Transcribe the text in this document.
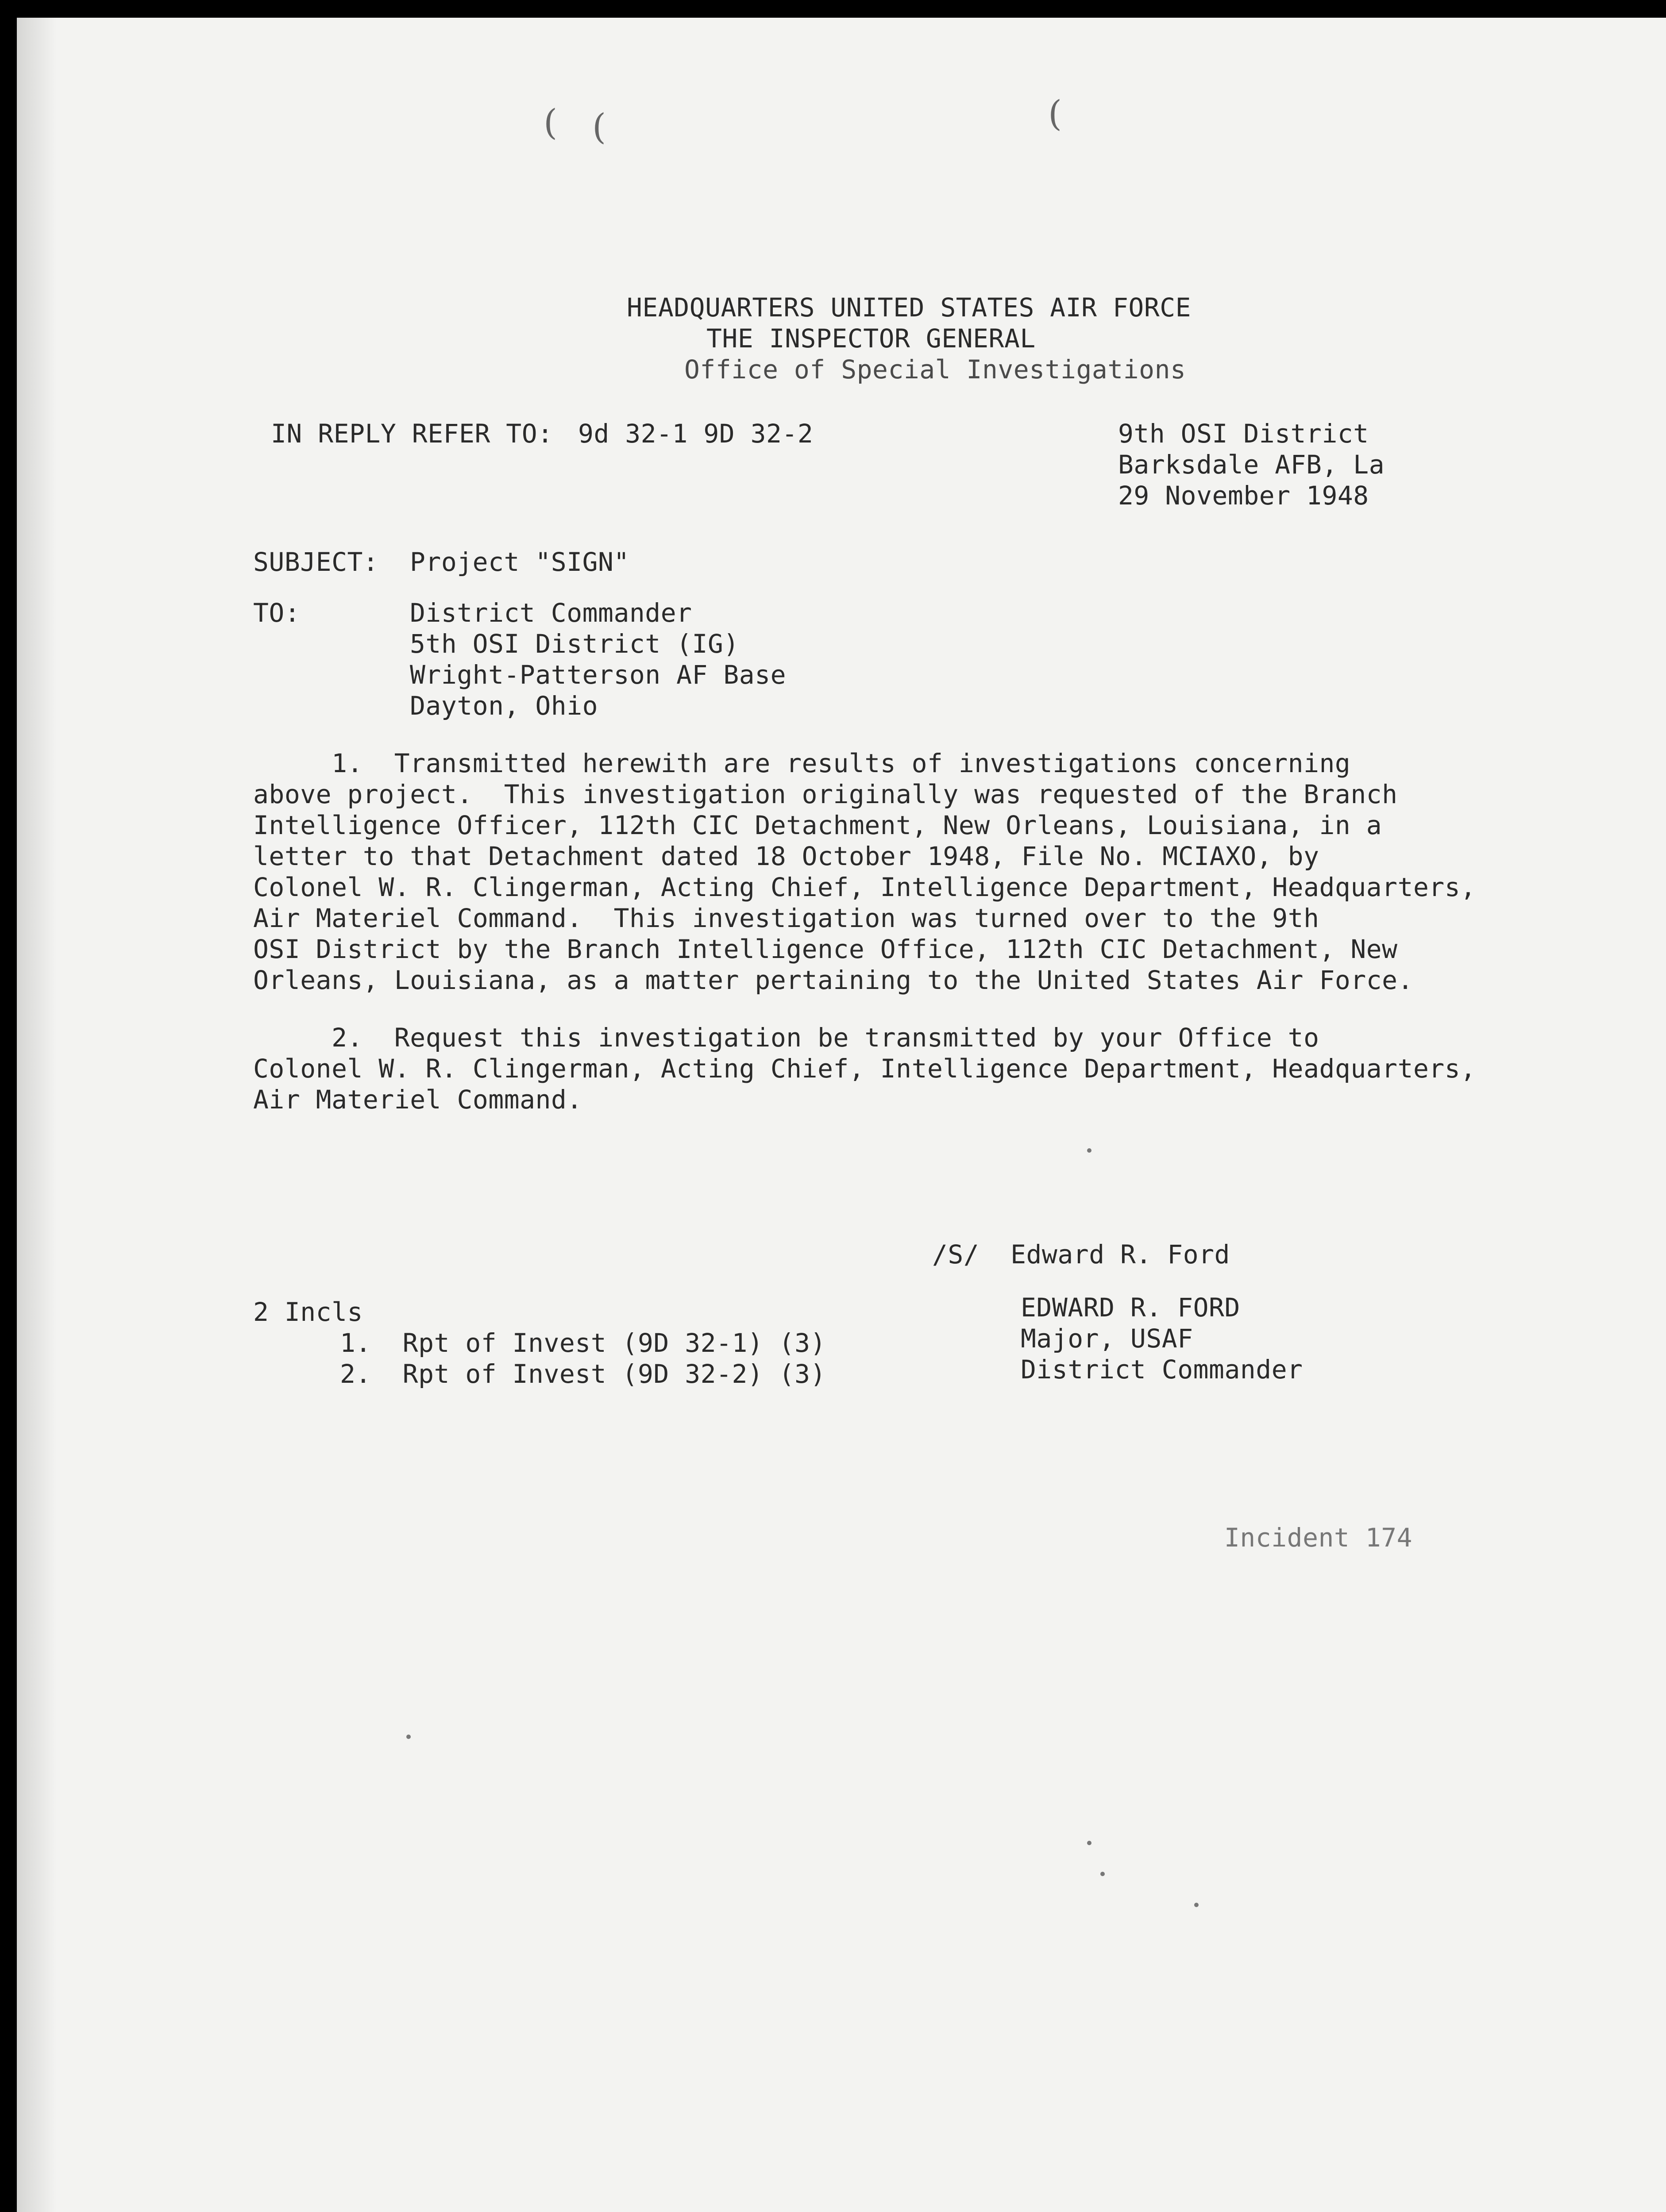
( (	(
HEADQUARTERS UNITED STATES AIR FORCE
THE INSPECTOR GENERAL
Office of Special Investigations
IN REPLY REFER TO: 9d 32-1 9D 32-2	9th OSI District
Barksdale AFB, La
29 November 1948
SUBJECT: Project "SIGN"
TO:	District Commander
5th OSI District (IG)
Wright-Patterson AF Base
Dayton, Ohio
1.  Transmitted herewith are results of investigations concerning
above project.  This investigation originally was requested of the Branch
Intelligence Officer, 112th CIC Detachment, New Orleans, Louisiana, in a
letter to that Detachment dated 18 October 1948, File No. MCIAXO, by
Colonel W. R. Clingerman, Acting Chief, Intelligence Department, Headquarters,
Air Materiel Command.  This investigation was turned over to the 9th
OSI District by the Branch Intelligence Office, 112th CIC Detachment, New
Orleans, Louisiana, as a matter pertaining to the United States Air Force.
2.  Request this investigation be transmitted by your Office to
Colonel W. R. Clingerman, Acting Chief, Intelligence Department, Headquarters,
Air Materiel Command.
/S/  Edward R. Ford
EDWARD R. FORD
Major, USAF
District Commander
2 Incls
1.  Rpt of Invest (9D 32-1) (3)
2.  Rpt of Invest (9D 32-2) (3)
Incident 174
